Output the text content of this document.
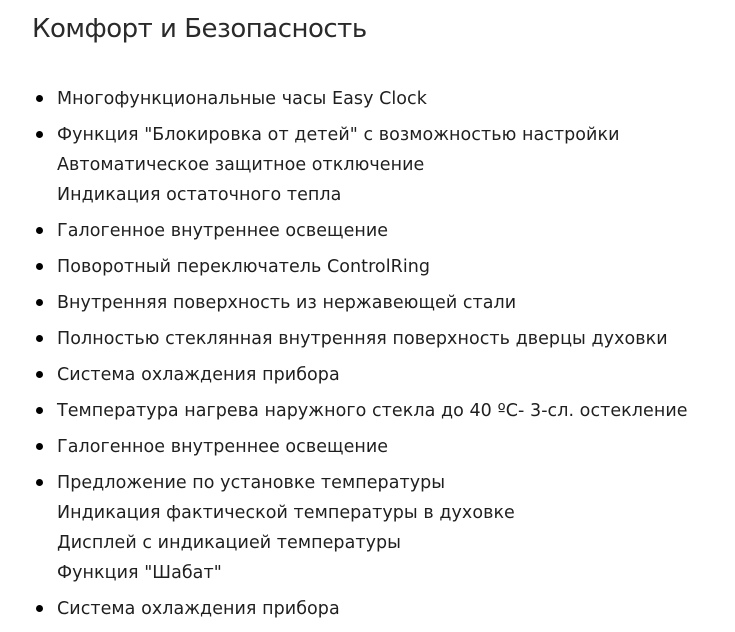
Комфорт и Безопасность
Многофункциональные часы Easy Clock
Функция "Блокировка от детей" с возможностью настройки
Автоматическое защитное отключение
Индикация остаточного тепла
Галогенное внутреннее освещение
Поворотный переключатель ControlRing
Внутренняя поверхность из нержавеющей стали
Полностью стеклянная внутренняя поверхность дверцы духовки
Система охлаждения прибора
Температура нагрева наружного стекла до 40 ºC- 3-сл. остекление
Галогенное внутреннее освещение
Предложение по установке температуры
Индикация фактической температуры в духовке
Дисплей с индикацией температуры
Функция "Шабат"
Система охлаждения прибора
